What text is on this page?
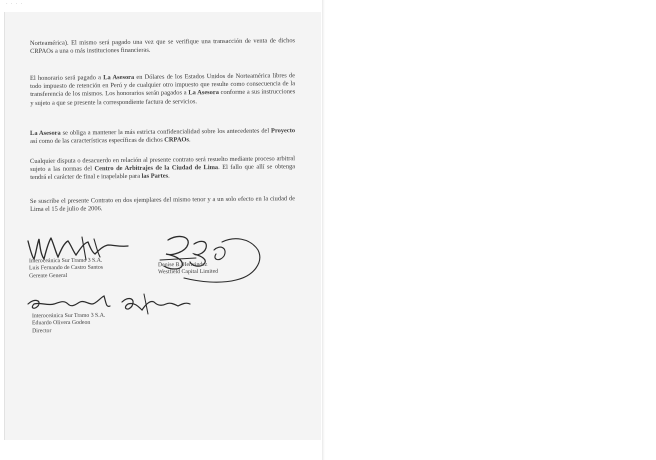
· · · ·

Norteamérica). El mismo será pagado una vez que se verifique una transacción de venta de dichos CRPAOs a una o más instituciones financieras.

El honorario será pagado a La Asesora en Dólares de los Estados Unidos de Norteamérica libres de todo impuesto de retención en Perú y de cualquier otro impuesto que resulte como consecuencia de la transferencia de los mismos. Los honorarios serán pagados a La Asesora conforme a sus instrucciones y sujeto a que se presente la correspondiente factura de servicios.

La Asesora se obliga a mantener la más estricta confidencialidad sobre los antecedentes del Proyecto así como de las características específicas de dichos CRPAOs.

Cualquier disputa o desacuerdo en relación al presente contrato será resuelto mediante proceso arbitral sujeto a las normas del Centro de Arbitrajes de la Ciudad de Lima. El fallo que allí se obtenga tendrá el carácter de final e inapelable para las Partes.

Se suscribe el presente Contrato en dos ejemplares del mismo tenor y a un solo efecto en la ciudad de Lima el 15 de julio de 2006.

Interoceánica Sur Tramo 3 S.A.
Luis Fernando de Castro Santos
Gerente General
Denise B. Hernández
Westfield Capital Limited
Interoceánica Sur Tramo 3 S.A.
Eduardo Olivera Godeon
Director
